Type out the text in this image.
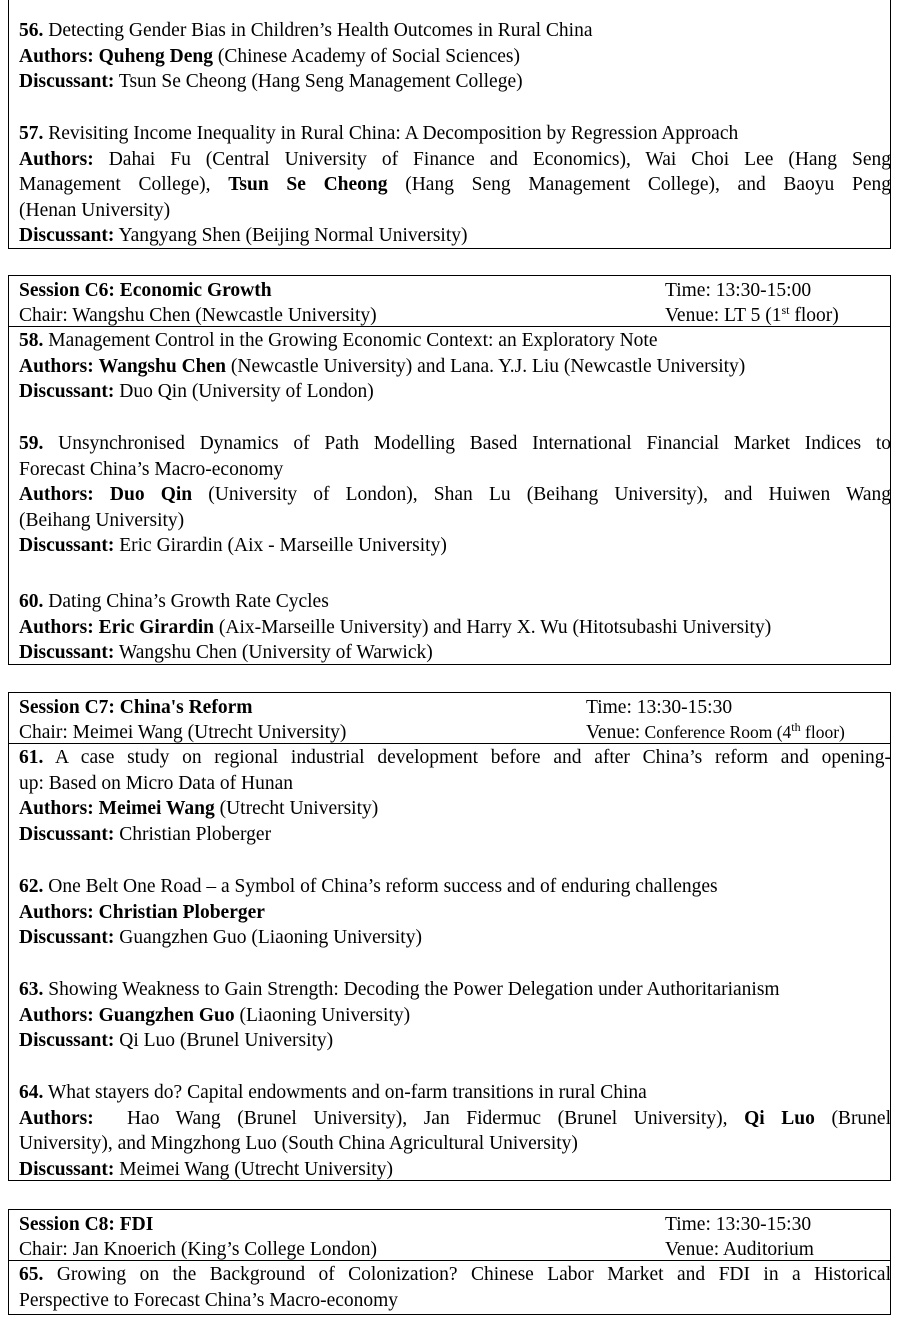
56. Detecting Gender Bias in Children’s Health Outcomes in Rural China
Authors: Quheng Deng (Chinese Academy of Social Sciences)
Discussant: Tsun Se Cheong (Hang Seng Management College)
57. Revisiting Income Inequality in Rural China: A Decomposition by Regression Approach
Authors: Dahai Fu (Central University of Finance and Economics), Wai Choi Lee (Hang Seng
Management College), Tsun Se Cheong (Hang Seng Management College), and Baoyu Peng
(Henan University)
Discussant: Yangyang Shen (Beijing Normal University)
Session C6: Economic Growth	Time: 13:30-15:00
Chair: Wangshu Chen (Newcastle University)	Venue: LT 5 (1st floor)
58. Management Control in the Growing Economic Context: an Exploratory Note
Authors: Wangshu Chen (Newcastle University) and Lana. Y.J. Liu (Newcastle University)
Discussant: Duo Qin (University of London)
59. Unsynchronised Dynamics of Path Modelling Based International Financial Market Indices to
Forecast China’s Macro-economy
Authors: Duo Qin (University of London), Shan Lu (Beihang University), and Huiwen Wang
(Beihang University)
Discussant: Eric Girardin (Aix - Marseille University)
60. Dating China’s Growth Rate Cycles
Authors: Eric Girardin (Aix-Marseille University) and Harry X. Wu (Hitotsubashi University)
Discussant: Wangshu Chen (University of Warwick)
Session C7: China's Reform	Time: 13:30-15:30
Chair: Meimei Wang (Utrecht University)	Venue: Conference Room (4th floor)
61. A case study on regional industrial development before and after China’s reform and opening-
up: Based on Micro Data of Hunan
Authors: Meimei Wang (Utrecht University)
Discussant: Christian Ploberger
62. One Belt One Road – a Symbol of China’s reform success and of enduring challenges
Authors: Christian Ploberger
Discussant: Guangzhen Guo (Liaoning University)
63. Showing Weakness to Gain Strength: Decoding the Power Delegation under Authoritarianism
Authors: Guangzhen Guo (Liaoning University)
Discussant: Qi Luo (Brunel University)
64. What stayers do? Capital endowments and on-farm transitions in rural China
Authors: Hao Wang (Brunel University), Jan Fidermuc (Brunel University), Qi Luo (Brunel
University), and Mingzhong Luo (South China Agricultural University)
Discussant: Meimei Wang (Utrecht University)
Session C8: FDI	Time: 13:30-15:30
Chair: Jan Knoerich (King’s College London)	Venue: Auditorium
65. Growing on the Background of Colonization? Chinese Labor Market and FDI in a Historical
Perspective to Forecast China’s Macro-economy
